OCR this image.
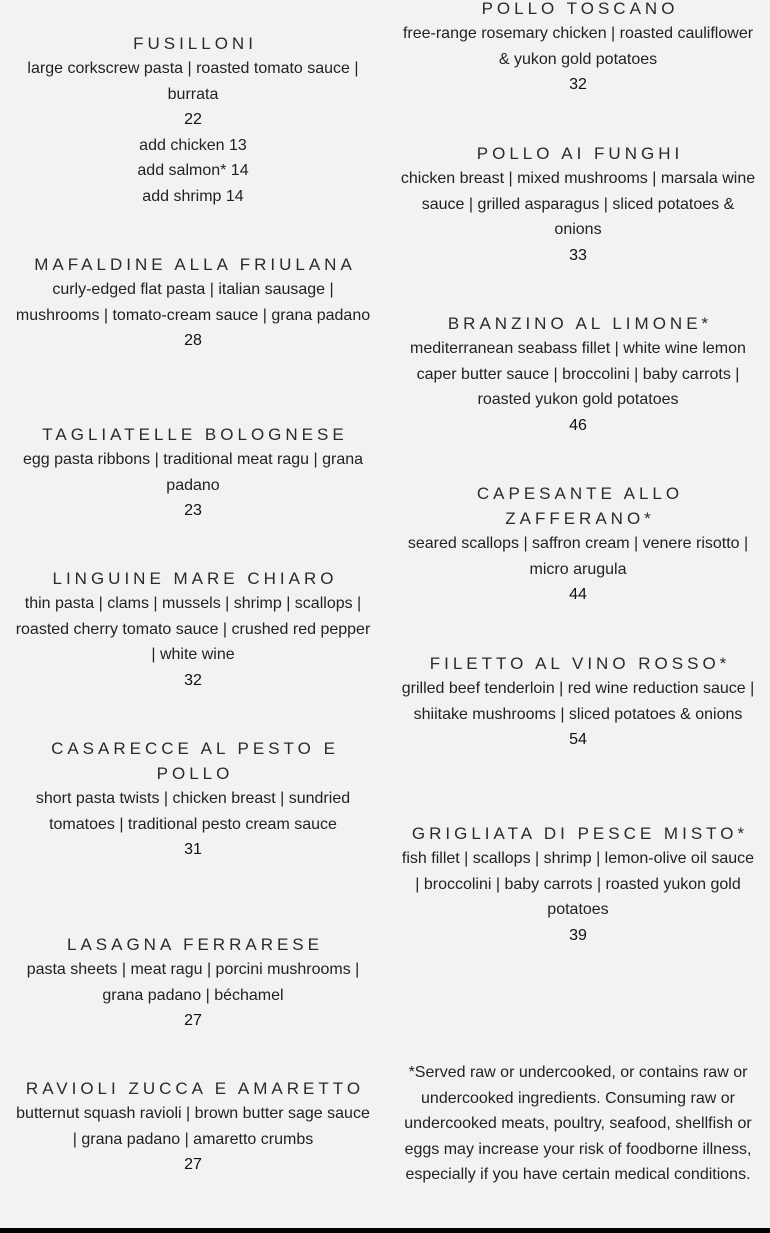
FUSILLONI

large corkscrew pasta | roasted tomato sauce | burrata

22

add chicken 13

add salmon* 14

add shrimp 14

MAFALDINE ALLA FRIULANA

curly-edged flat pasta | italian sausage | mushrooms | tomato-cream sauce | grana padano

28

TAGLIATELLE BOLOGNESE

egg pasta ribbons | traditional meat ragu | grana padano

23

LINGUINE MARE CHIARO

thin pasta | clams | mussels | shrimp | scallops | roasted cherry tomato sauce | crushed red pepper | white wine

32

CASARECCE AL PESTO E POLLO

short pasta twists | chicken breast | sundried tomatoes | traditional pesto cream sauce

31

LASAGNA FERRARESE

pasta sheets | meat ragu | porcini mushrooms | grana padano | béchamel

27

RAVIOLI ZUCCA E AMARETTO

butternut squash ravioli | brown butter sage sauce | grana padano | amaretto crumbs

27

POLLO TOSCANO

free-range rosemary chicken | roasted cauliflower & yukon gold potatoes

32

POLLO AI FUNGHI

chicken breast | mixed mushrooms | marsala wine sauce | grilled asparagus | sliced potatoes & onions

33

BRANZINO AL LIMONE*

mediterranean seabass fillet | white wine lemon caper butter sauce | broccolini | baby carrots | roasted yukon gold potatoes

46

CAPESANTE ALLO ZAFFERANO*

seared scallops | saffron cream | venere risotto | micro arugula

44

FILETTO AL VINO ROSSO*

grilled beef tenderloin | red wine reduction sauce | shiitake mushrooms | sliced potatoes & onions

54

GRIGLIATA DI PESCE MISTO*

fish fillet | scallops | shrimp | lemon-olive oil sauce | broccolini | baby carrots | roasted yukon gold potatoes

39

*Served raw or undercooked, or contains raw or undercooked ingredients. Consuming raw or undercooked meats, poultry, seafood, shellfish or eggs may increase your risk of foodborne illness, especially if you have certain medical conditions.
